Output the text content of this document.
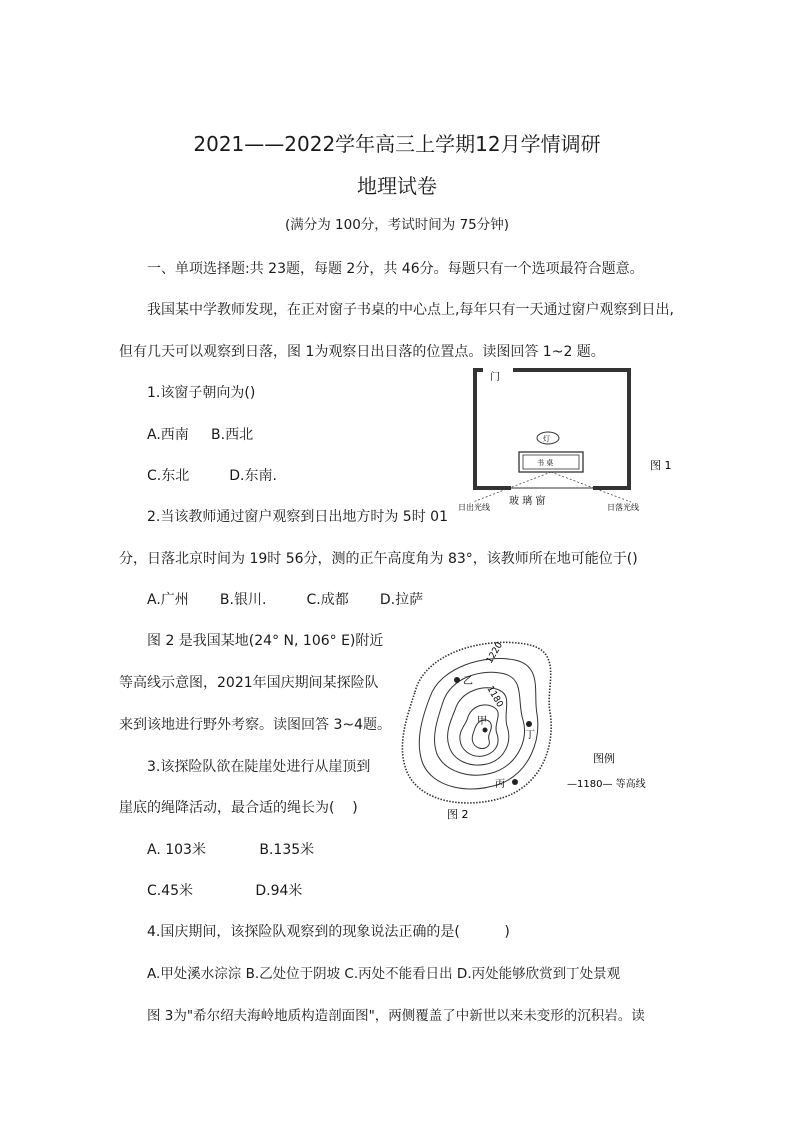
2021——2022学年高三上学期12月学情调研
地理试卷
(满分为 100分，考试时间为 75分钟)
一、单项选择题:共 23题，每题 2分，共 46分。每题只有一个选项最符合题意。
我国某中学教师发现，在正对窗子书桌的中心点上,每年只有一天通过窗户观察到日出,
但有几天可以观察到日落，图 1为观察日出日落的位置点。读图回答 1~2 题。
1.该窗子朝向为()
A.西南     B.西北
C.东北         D.东南.
2.当该教师通过窗户观察到日出地方时为 5时 01
分，日落北京时间为 19时 56分，测的正午高度角为 83°，该教师所在地可能位于()
A.广州       B.银川.         C.成都       D.拉萨
图 2 是我国某地(24° N, 106° E)附近
等高线示意图，2021年国庆期间某探险队
来到该地进行野外考察。读图回答 3~4题。
3.该探险队欲在陡崖处进行从崖顶到
崖底的绳降活动，最合适的绳长为(    )
A. 103米            B.135米
C.45米              D.94米
4.国庆期间，该探险队观察到的现象说法正确的是(          )
A.甲处溪水淙淙 B.乙处位于阴坡 C.丙处不能看日出 D.丙处能够欣赏到丁处景观
图 3为"希尔绍夫海岭地质构造剖面图"，两侧覆盖了中新世以来未变形的沉积岩。读
门
灯
书 桌
玻 璃 窗
日出光线	日落光线
图 1
乙
甲
丁
丙
1220
1180
图例
—1180— 等高线
图 2
